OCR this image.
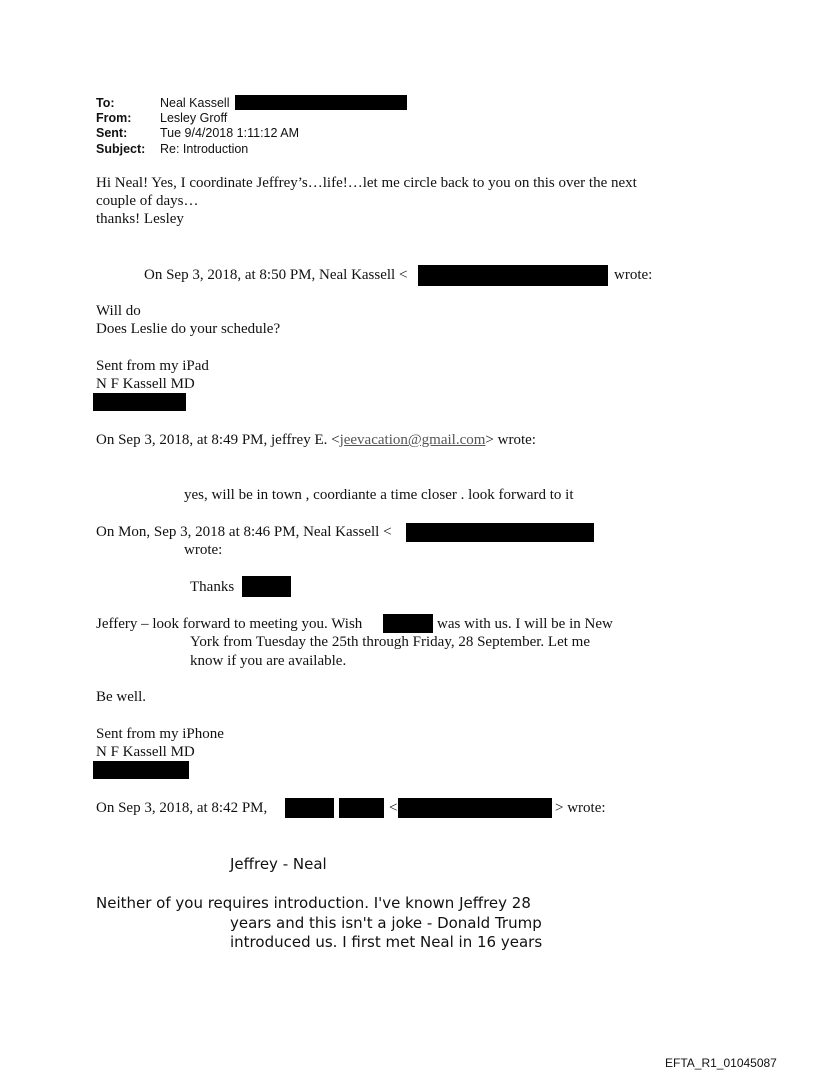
To:	Neal Kassell
From: Lesley Groff
Sent:	Tue 9/4/2018 1:11:12 AM
Subject: Re: Introduction
Hi Neal! Yes, I coordinate Jeffrey’s…life!…let me circle back to you on this over the next
couple of days…
thanks! Lesley
On Sep 3, 2018, at 8:50 PM, Neal Kassell <	wrote:
Will do
Does Leslie do your schedule?
Sent from my iPad
N F Kassell MD
On Sep 3, 2018, at 8:49 PM, jeffrey E. <jeevacation@gmail.com> wrote:
yes, will be in town , coordiante a time closer . look forward to it
On Mon, Sep 3, 2018 at 8:46 PM, Neal Kassell <
wrote:
Thanks
Jeffery – look forward to meeting you. Wish	was with us. I will be in New
York from Tuesday the 25th through Friday, 28 September. Let me
know if you are available.
Be well.
Sent from my iPhone
N F Kassell MD
On Sep 3, 2018, at 8:42 PM,	<	> wrote:
Jeffrey - Neal
Neither of you requires introduction. I've known Jeffrey 28
years and this isn't a joke - Donald Trump
introduced us. I first met Neal in 16 years
EFTA_R1_01045087
